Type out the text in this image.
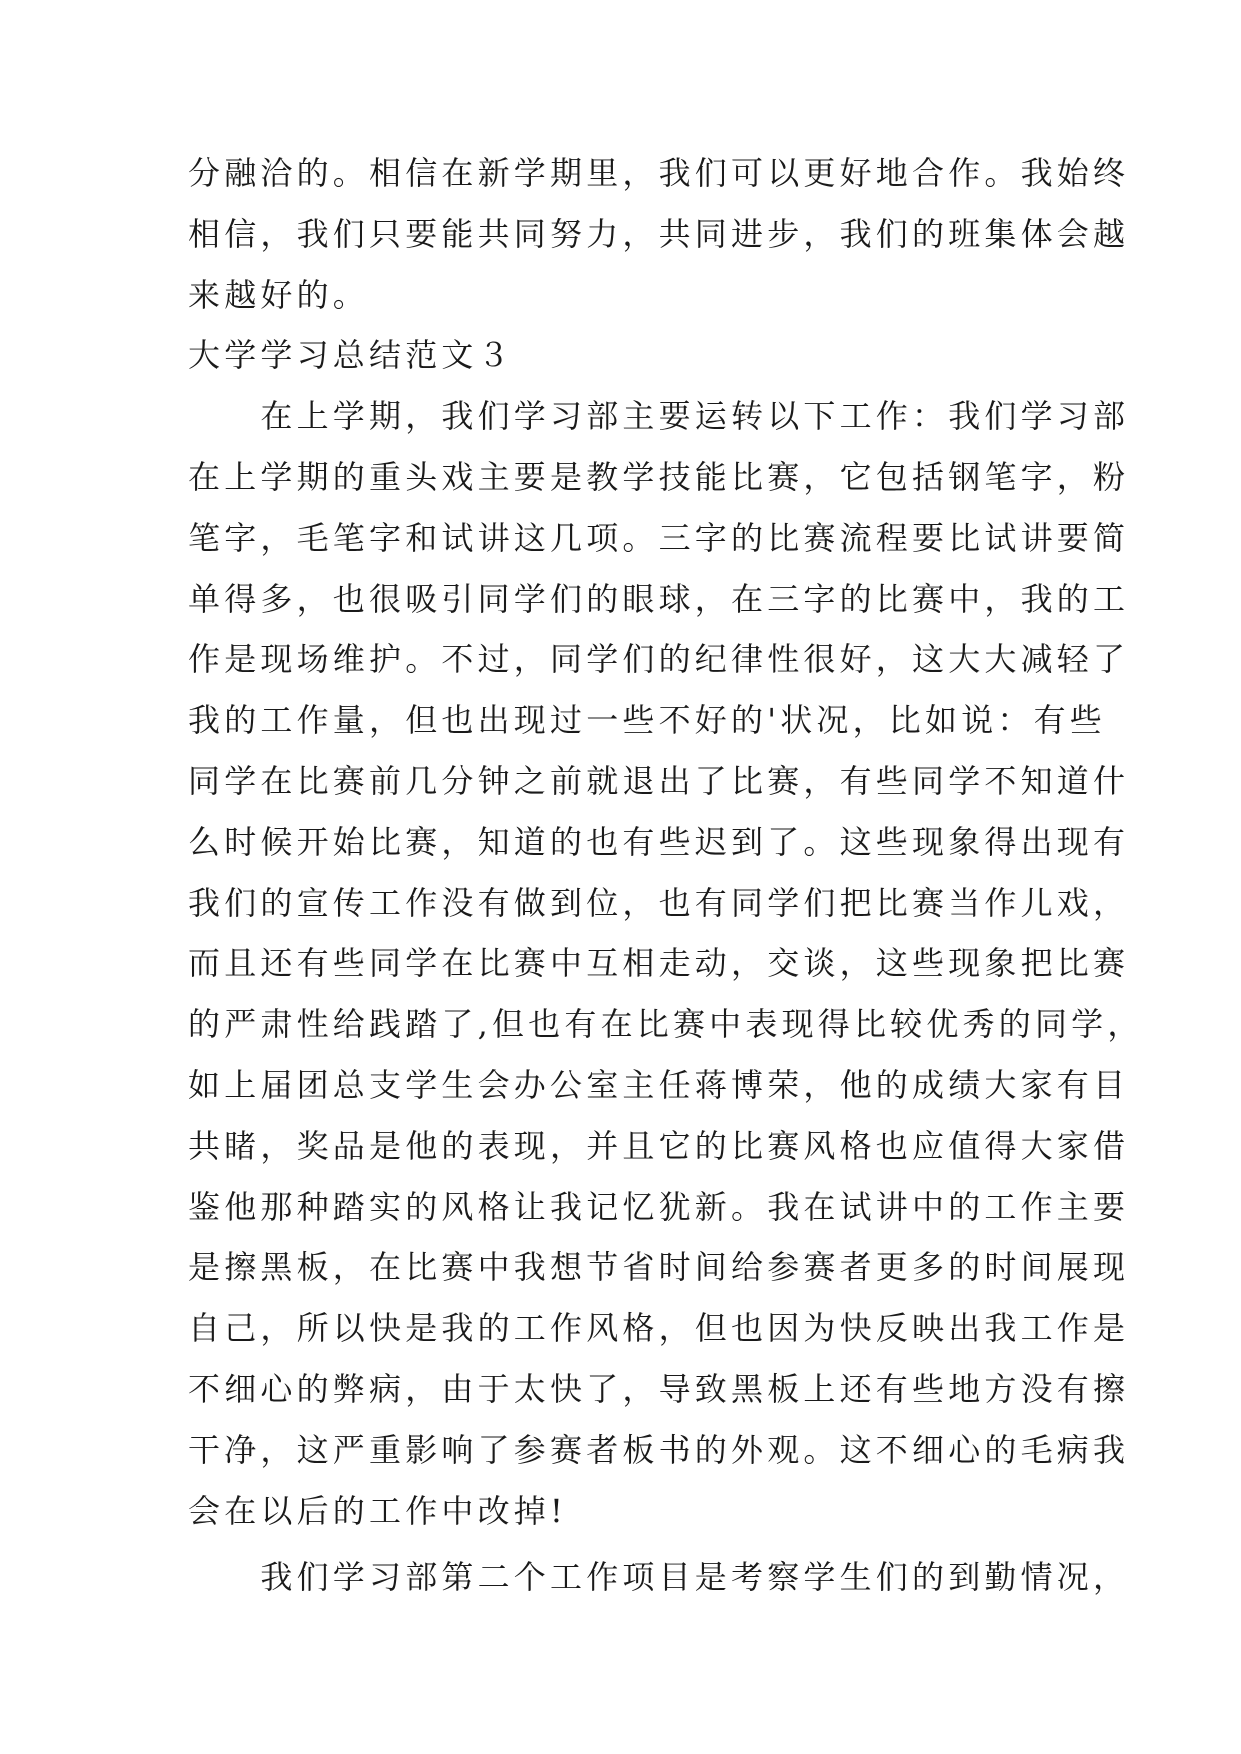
分融洽的。相信在新学期里，我们可以更好地合作。我始终
相信，我们只要能共同努力，共同进步，我们的班集体会越
来越好的。
大学学习总结范文３
　　在上学期，我们学习部主要运转以下工作：我们学习部
在上学期的重头戏主要是教学技能比赛，它包括钢笔字，粉
笔字，毛笔字和试讲这几项。三字的比赛流程要比试讲要简
单得多，也很吸引同学们的眼球，在三字的比赛中，我的工
作是现场维护。不过，同学们的纪律性很好，这大大减轻了
我的工作量，但也出现过一些不好的'状况，比如说：有些
同学在比赛前几分钟之前就退出了比赛，有些同学不知道什
么时候开始比赛，知道的也有些迟到了。这些现象得出现有
我们的宣传工作没有做到位，也有同学们把比赛当作儿戏，
而且还有些同学在比赛中互相走动，交谈，这些现象把比赛
的严肃性给践踏了,但也有在比赛中表现得比较优秀的同学，
如上届团总支学生会办公室主任蒋博荣，他的成绩大家有目
共睹，奖品是他的表现，并且它的比赛风格也应值得大家借
鉴他那种踏实的风格让我记忆犹新。我在试讲中的工作主要
是擦黑板，在比赛中我想节省时间给参赛者更多的时间展现
自己，所以快是我的工作风格，但也因为快反映出我工作是
不细心的弊病，由于太快了，导致黑板上还有些地方没有擦
干净，这严重影响了参赛者板书的外观。这不细心的毛病我
会在以后的工作中改掉!
　　我们学习部第二个工作项目是考察学生们的到勤情况，
